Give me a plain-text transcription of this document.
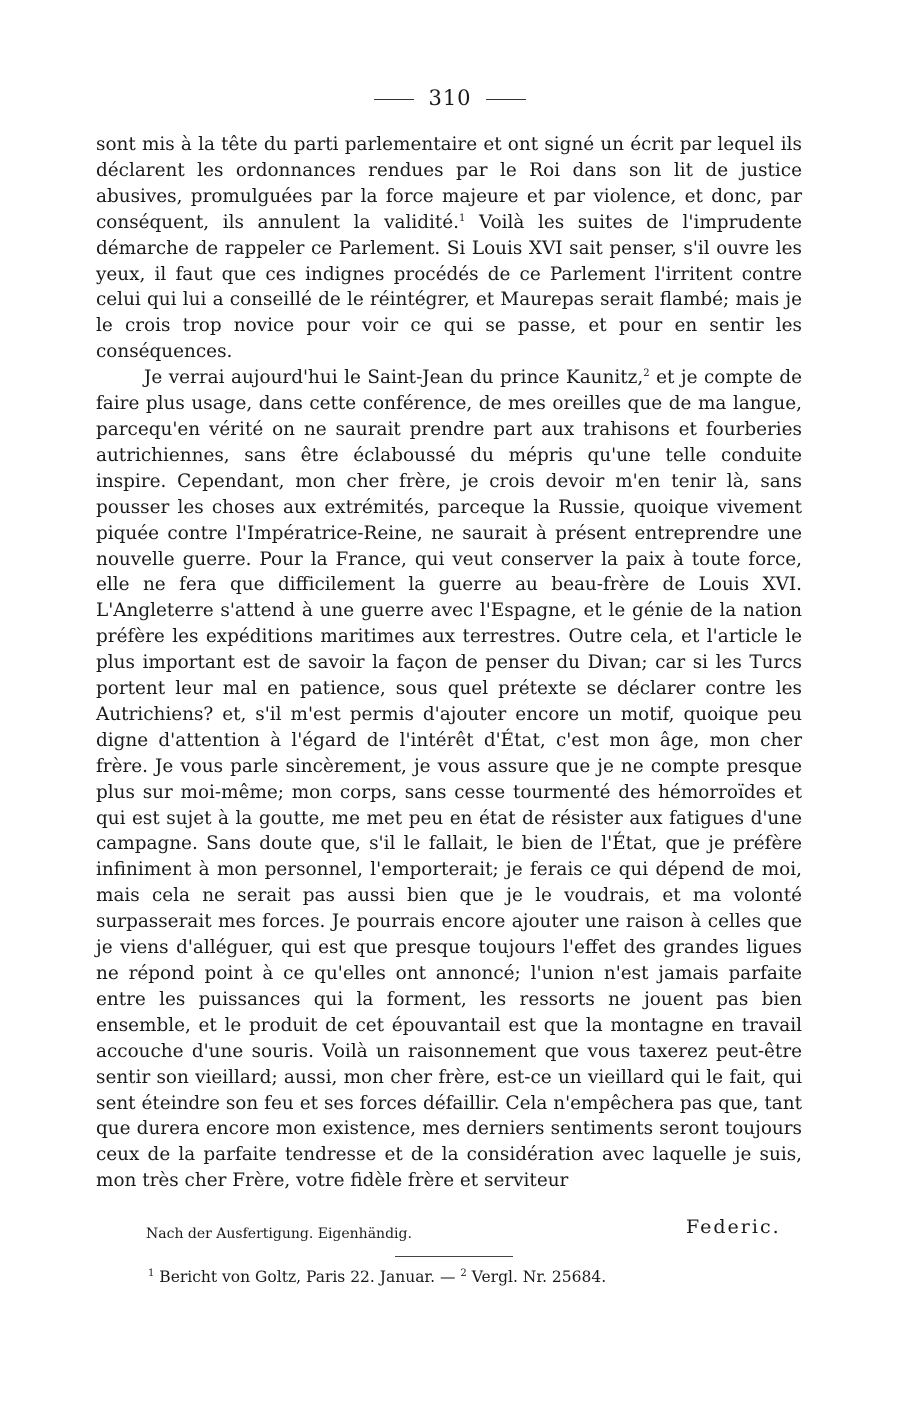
310

sont mis à la tête du parti parlementaire et ont signé un écrit par lequel ils déclarent les ordonnances rendues par le Roi dans son lit de justice abusives, promulguées par la force majeure et par violence, et donc, par conséquent, ils annulent la validité.$^1$ Voilà les suites de l'imprudente démarche de rappeler ce Parlement. Si Louis XVI sait penser, s'il ouvre les yeux, il faut que ces indignes procédés de ce Parlement l'irritent contre celui qui lui a conseillé de le réintégrer, et Maurepas serait flambé; mais je le crois trop novice pour voir ce qui se passe, et pour en sentir les conséquences.

Je verrai aujourd'hui le Saint-Jean du prince Kaunitz,$^2$ et je compte de faire plus usage, dans cette conférence, de mes oreilles que de ma langue, parcequ'en vérité on ne saurait prendre part aux trahisons et fourberies autrichiennes, sans être éclaboussé du mépris qu'une telle conduite inspire. Cependant, mon cher frère, je crois devoir m'en tenir là, sans pousser les choses aux extrémités, parceque la Russie, quoique vivement piquée contre l'Impératrice-Reine, ne saurait à présent entreprendre une nouvelle guerre. Pour la France, qui veut conserver la paix à toute force, elle ne fera que difficilement la guerre au beau-frère de Louis XVI. L'Angleterre s'attend à une guerre avec l'Espagne, et le génie de la nation préfère les expéditions maritimes aux terrestres. Outre cela, et l'article le plus important est de savoir la façon de penser du Divan; car si les Turcs portent leur mal en patience, sous quel prétexte se déclarer contre les Autrichiens? et, s'il m'est permis d'ajouter encore un motif, quoique peu digne d'attention à l'égard de l'intérêt d'État, c'est mon âge, mon cher frère. Je vous parle sincèrement, je vous assure que je ne compte presque plus sur moi-même; mon corps, sans cesse tourmenté des hémorroïdes et qui est sujet à la goutte, me met peu en état de résister aux fatigues d'une campagne. Sans doute que, s'il le fallait, le bien de l'État, que je préfère infiniment à mon personnel, l'emporterait; je ferais ce qui dépend de moi, mais cela ne serait pas aussi bien que je le voudrais, et ma volonté surpasserait mes forces. Je pourrais encore ajouter une raison à celles que je viens d'alléguer, qui est que presque toujours l'effet des grandes ligues ne répond point à ce qu'elles ont annoncé; l'union n'est jamais parfaite entre les puissances qui la forment, les ressorts ne jouent pas bien ensemble, et le produit de cet épouvantail est que la montagne en travail accouche d'une souris. Voilà un raisonnement que vous taxerez peut-être sentir son vieillard; aussi, mon cher frère, est-ce un vieillard qui le fait, qui sent éteindre son feu et ses forces défaillir. Cela n'empêchera pas que, tant que durera encore mon existence, mes derniers sentiments seront toujours ceux de la parfaite tendresse et de la considération avec laquelle je suis, mon très cher Frère, votre fidèle frère et serviteur

Federic.
Nach der Ausfertigung. Eigenhändig.
$^1$ Bericht von Goltz, Paris 22. Januar. — $^2$ Vergl. Nr. 25684.
